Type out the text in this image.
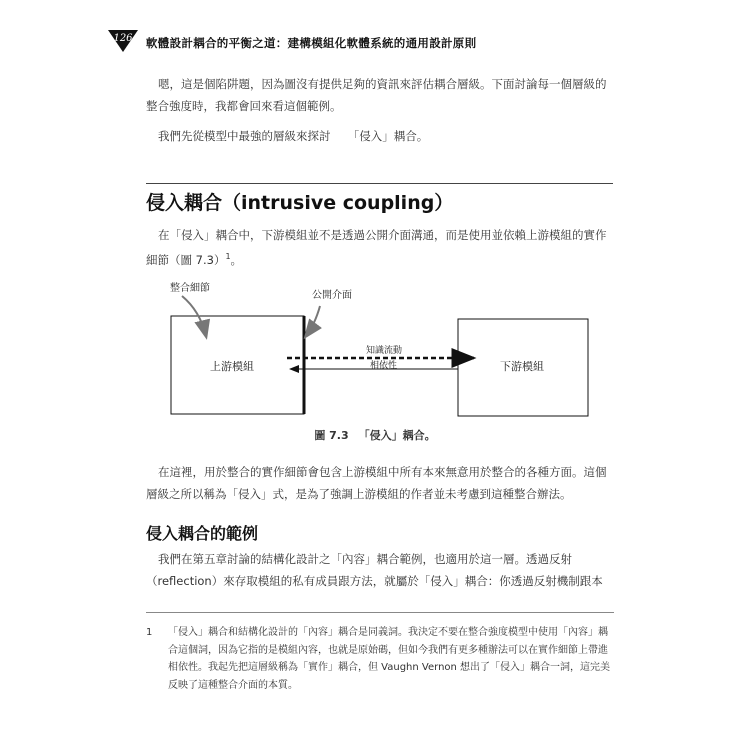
126	軟體設計耦合的平衡之道：建構模組化軟體系統的通用設計原則

嗯，這是個陷阱題，因為圖沒有提供足夠的資訊來評估耦合層級。下面討論每一個層級的整合強度時，我都會回來看這個範例。

我們先從模型中最強的層級來探討　　「侵入」耦合。

侵入耦合（intrusive coupling）

在「侵入」耦合中，下游模組並不是透過公開介面溝通，而是使用並依賴上游模組的實作細節（圖 7.3）$^1$。

整合細節
公開介面
上游模組	下游模組
知識流動
相依性
圖 7.3 「侵入」耦合。

在這裡，用於整合的實作細節會包含上游模組中所有本來無意用於整合的各種方面。這個層級之所以稱為「侵入」式，是為了強調上游模組的作者並未考慮到這種整合辦法。

侵入耦合的範例

我們在第五章討論的結構化設計之「內容」耦合範例，也適用於這一層。透過反射（reflection）來存取模組的私有成員跟方法，就屬於「侵入」耦合：你透過反射機制跟本

1	「侵入」耦合和結構化設計的「內容」耦合是同義詞。我決定不要在整合強度模型中使用「內容」耦合這個詞，因為它指的是模組內容，也就是原始碼，但如今我們有更多種辦法可以在實作細節上帶進相依性。我起先把這層級稱為「實作」耦合，但 Vaughn Vernon 想出了「侵入」耦合一詞，這完美反映了這種整合介面的本質。
